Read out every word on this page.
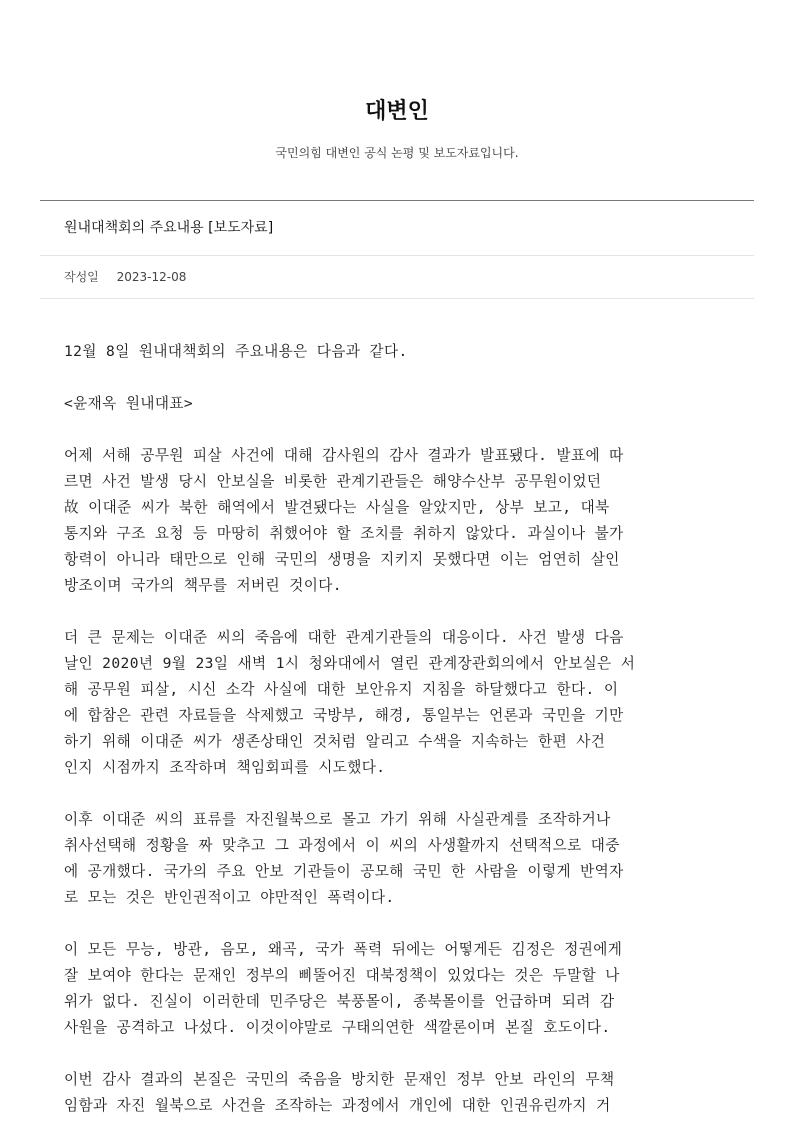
대변인
국민의힘 대변인 공식 논평 및 보도자료입니다.
원내대책회의 주요내용 [보도자료]
작성일 2023-12-08

12월 8일 원내대책회의 주요내용은 다음과 같다.

<윤재옥 원내대표>

어제 서해 공무원 피살 사건에 대해 감사원의 감사 결과가 발표됐다. 발표에 따
르면 사건 발생 당시 안보실을 비롯한 관계기관들은 해양수산부 공무원이었던
故 이대준 씨가 북한 해역에서 발견됐다는 사실을 알았지만, 상부 보고, 대북
통지와 구조 요청 등 마땅히 취했어야 할 조치를 취하지 않았다. 과실이나 불가
항력이 아니라 태만으로 인해 국민의 생명을 지키지 못했다면 이는 엄연히 살인
방조이며 국가의 책무를 저버린 것이다.

더 큰 문제는 이대준 씨의 죽음에 대한 관계기관들의 대응이다. 사건 발생 다음
날인 2020년 9월 23일 새벽 1시 청와대에서 열린 관계장관회의에서 안보실은 서
해 공무원 피살, 시신 소각 사실에 대한 보안유지 지침을 하달했다고 한다. 이
에 합참은 관련 자료들을 삭제했고 국방부, 해경, 통일부는 언론과 국민을 기만
하기 위해 이대준 씨가 생존상태인 것처럼 알리고 수색을 지속하는 한편 사건
인지 시점까지 조작하며 책임회피를 시도했다.

이후 이대준 씨의 표류를 자진월북으로 몰고 가기 위해 사실관계를 조작하거나
취사선택해 정황을 짜 맞추고 그 과정에서 이 씨의 사생활까지 선택적으로 대중
에 공개했다. 국가의 주요 안보 기관들이 공모해 국민 한 사람을 이렇게 반역자
로 모는 것은 반인권적이고 야만적인 폭력이다.

이 모든 무능, 방관, 음모, 왜곡, 국가 폭력 뒤에는 어떻게든 김정은 정권에게
잘 보여야 한다는 문재인 정부의 삐뚤어진 대북정책이 있었다는 것은 두말할 나
위가 없다. 진실이 이러한데 민주당은 북풍몰이, 종북몰이를 언급하며 되려 감
사원을 공격하고 나섰다. 이것이야말로 구태의연한 색깔론이며 본질 호도이다.

이번 감사 결과의 본질은 국민의 죽음을 방치한 문재인 정부 안보 라인의 무책
임함과 자진 월북으로 사건을 조작하는 과정에서 개인에 대한 인권유린까지 거
